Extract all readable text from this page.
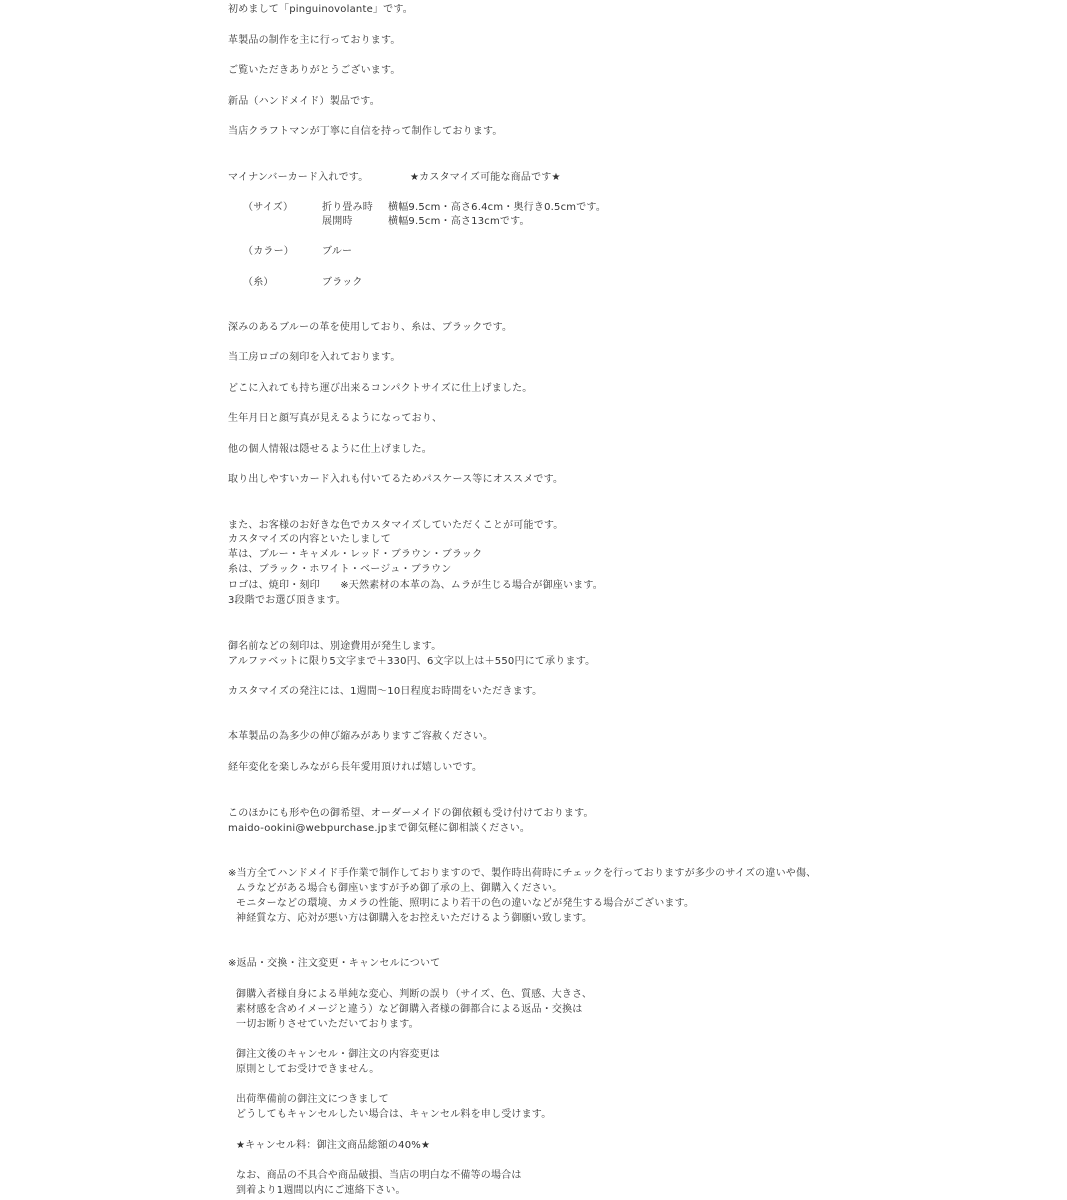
初めまして「pinguinovolante」です。
革製品の制作を主に行っております。
ご覧いただきありがとうございます。
新品（ハンドメイド）製品です。
当店クラフトマンが丁寧に自信を持って制作しております。
マイナンバーカード入れです。	★カスタマイズ可能な商品です★
（サイズ）	折り畳み時 横幅9.5cm・高さ6.4cm・奥行き0.5cmです。
展開時	横幅9.5cm・高さ13cmです。
（カラー）	ブルー
（糸）	ブラック
深みのあるブルーの革を使用しており、糸は、ブラックです。
当工房ロゴの刻印を入れております。
どこに入れても持ち運び出来るコンパクトサイズに仕上げました。
生年月日と顔写真が見えるようになっており、
他の個人情報は隠せるように仕上げました。
取り出しやすいカード入れも付いてるためパスケース等にオススメです。
また、お客様のお好きな色でカスタマイズしていただくことが可能です。
カスタマイズの内容といたしまして
革は、ブルー・キャメル・レッド・ブラウン・ブラック
糸は、ブラック・ホワイト・ベージュ・ブラウン
ロゴは、焼印・刻印　　※天然素材の本革の為、ムラが生じる場合が御座います。
3段階でお選び頂きます。
御名前などの刻印は、別途費用が発生します。
アルファベットに限り5文字まで＋330円、6文字以上は＋550円にて承ります。
カスタマイズの発注には、1週間～10日程度お時間をいただきます。
本革製品の為多少の伸び縮みがありますご容赦ください。
経年変化を楽しみながら長年愛用頂ければ嬉しいです。
このほかにも形や色の御希望、オーダーメイドの御依頼も受け付けております。
maido-ookini@webpurchase.jpまで御気軽に御相談ください。
※当方全てハンドメイド手作業で制作しておりますので、製作時出荷時にチェックを行っておりますが多少のサイズの違いや傷、
ムラなどがある場合も御座いますが予め御了承の上、御購入ください。
モニターなどの環境、カメラの性能、照明により若干の色の違いなどが発生する場合がございます。
神経質な方、応対が悪い方は御購入をお控えいただけるよう御願い致します。
※返品・交換・注文変更・キャンセルについて
御購入者様自身による単純な変心、判断の誤り（サイズ、色、質感、大きさ、
素材感を含めイメージと違う）など御購入者様の御都合による返品・交換は
一切お断りさせていただいております。
御注文後のキャンセル・御注文の内容変更は
原則としてお受けできません。
出荷準備前の御注文につきまして
どうしてもキャンセルしたい場合は、キャンセル料を申し受けます。
★キャンセル料：御注文商品総額の40%★
なお、商品の不具合や商品破損、当店の明白な不備等の場合は
到着より1週間以内にご連絡下さい。
